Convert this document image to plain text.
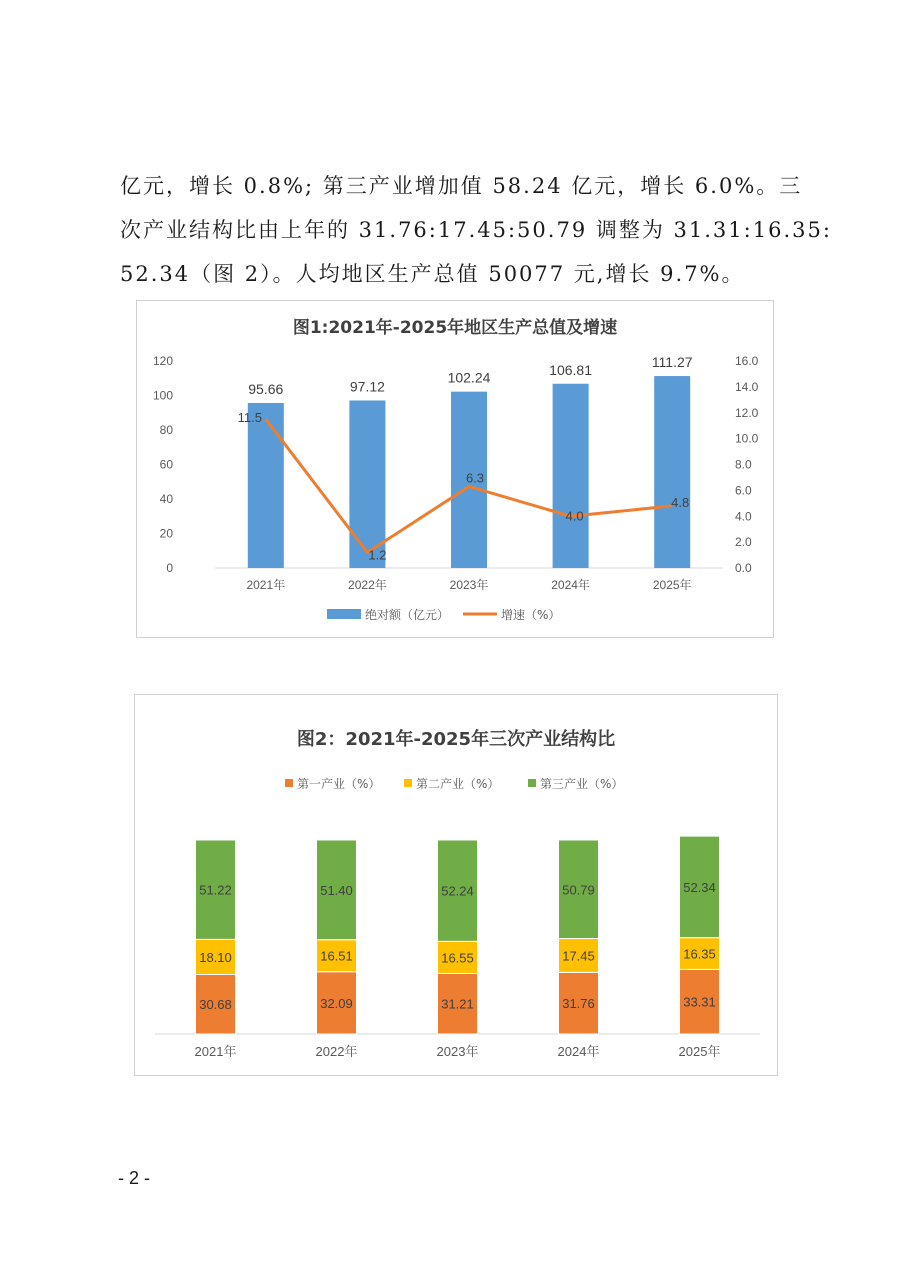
亿元，增长 0.8%; 第三产业增加值 58.24 亿元，增长 6.0%。三

次产业结构比由上年的 31.76:17.45:50.79 调整为 31.31:16.35:

52.34（图 2）。人均地区生产总值 50077 元,增长 9.7%。

图1:2021年-2025年地区生产总值及增速
0
20
40
60
80
100
120
0.0
2.0
4.0
6.0
8.0
10.0
12.0
14.0
16.0
95.66	97.12
102.24	106.81	111.27
2021年	2022年	2023年	2024年	2025年
11.5
1.2
6.3
4.0
4.8
绝对额（亿元）	增速（%）
图2：2021年-2025年三次产业结构比
第一产业（%）	第二产业（%）	第三产业（%）
30.68
18.10
51.22
2021年
32.09
16.51
51.40
2022年
31.21
16.55
52.24
2023年
31.76
17.45
50.79
2024年
33.31
16.35
52.34
2025年
- 2 -
